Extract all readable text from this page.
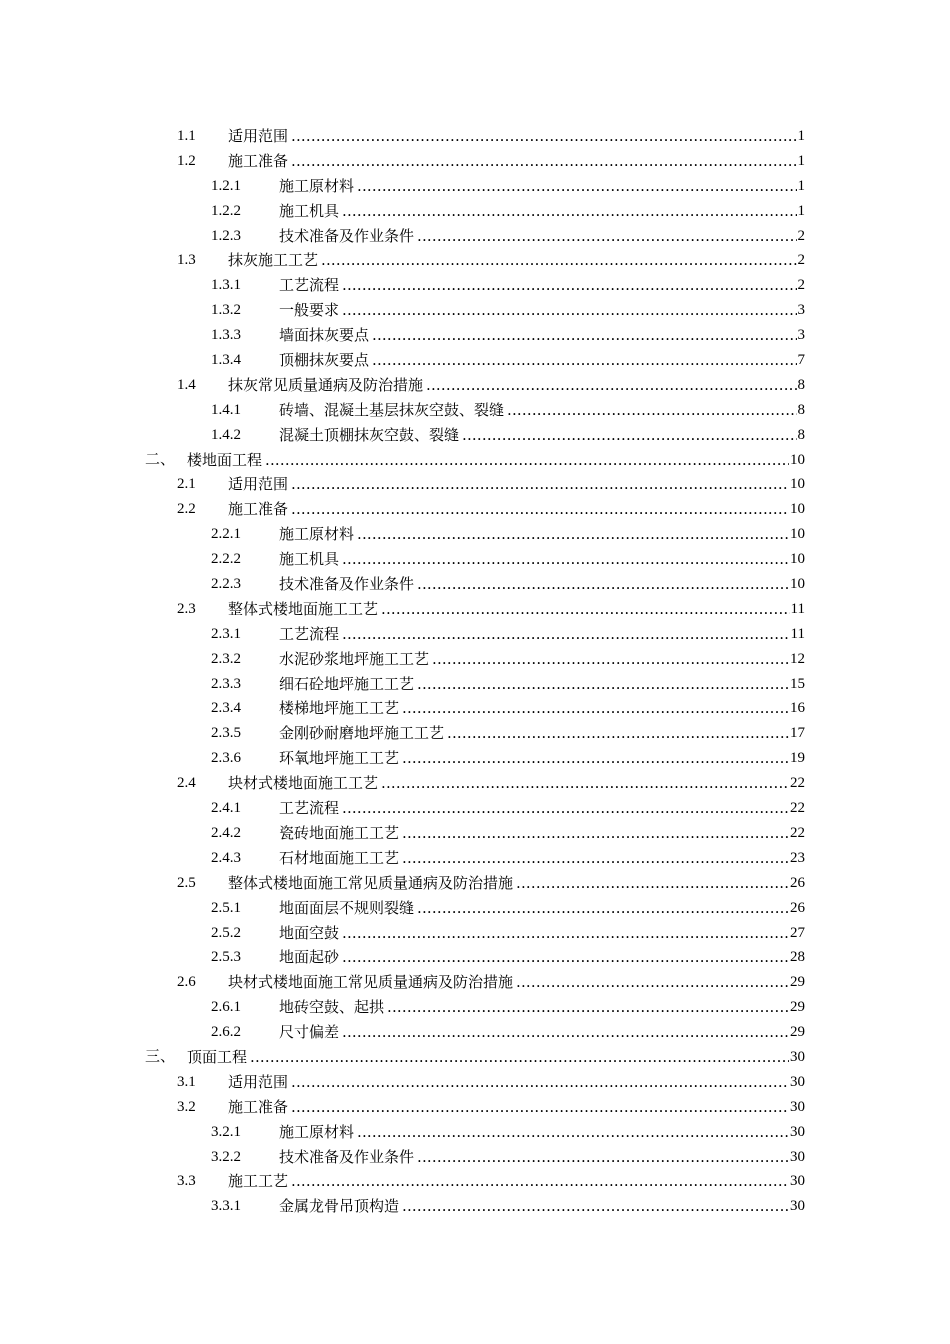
1.1 适用范围 .....	1
1.2 施工准备 .....	1
1.2.1	施工原材料 .....	1
1.2.2	施工机具 .....	1
1.2.3	技术准备及作业条件 .....	2
1.3 抹灰施工工艺 .....	2
1.3.1	工艺流程 .....	2
1.3.2	一般要求 .....	3
1.3.3	墙面抹灰要点 .....	3
1.3.4	顶棚抹灰要点 .....	7
1.4 抹灰常见质量通病及防治措施 .....	8
1.4.1	砖墙、混凝土基层抹灰空鼓、裂缝 .....	8
1.4.2	混凝土顶棚抹灰空鼓、裂缝 .....	8
二、 楼地面工程 .....	10
2.1 适用范围 .....	10
2.2 施工准备 .....	10
2.2.1	施工原材料 .....	10
2.2.2	施工机具 .....	10
2.2.3	技术准备及作业条件 .....	10
2.3 整体式楼地面施工工艺 .....	11
2.3.1	工艺流程 .....	11
2.3.2	水泥砂浆地坪施工工艺 .....	12
2.3.3	细石砼地坪施工工艺 .....	15
2.3.4	楼梯地坪施工工艺 .....	16
2.3.5	金刚砂耐磨地坪施工工艺 .....	17
2.3.6	环氧地坪施工工艺 .....	19
2.4 块材式楼地面施工工艺 .....	22
2.4.1	工艺流程 .....	22
2.4.2	瓷砖地面施工工艺 .....	22
2.4.3	石材地面施工工艺 .....	23
2.5 整体式楼地面施工常见质量通病及防治措施 .....	26
2.5.1	地面面层不规则裂缝 .....	26
2.5.2	地面空鼓 .....	27
2.5.3	地面起砂 .....	28
2.6 块材式楼地面施工常见质量通病及防治措施 .....	29
2.6.1	地砖空鼓、起拱 .....	29
2.6.2	尺寸偏差 .....	29
三、 顶面工程 .....	30
3.1 适用范围 .....	30
3.2 施工准备 .....	30
3.2.1	施工原材料 .....	30
3.2.2	技术准备及作业条件 .....	30
3.3 施工工艺 .....	30
3.3.1	金属龙骨吊顶构造 .....	30
